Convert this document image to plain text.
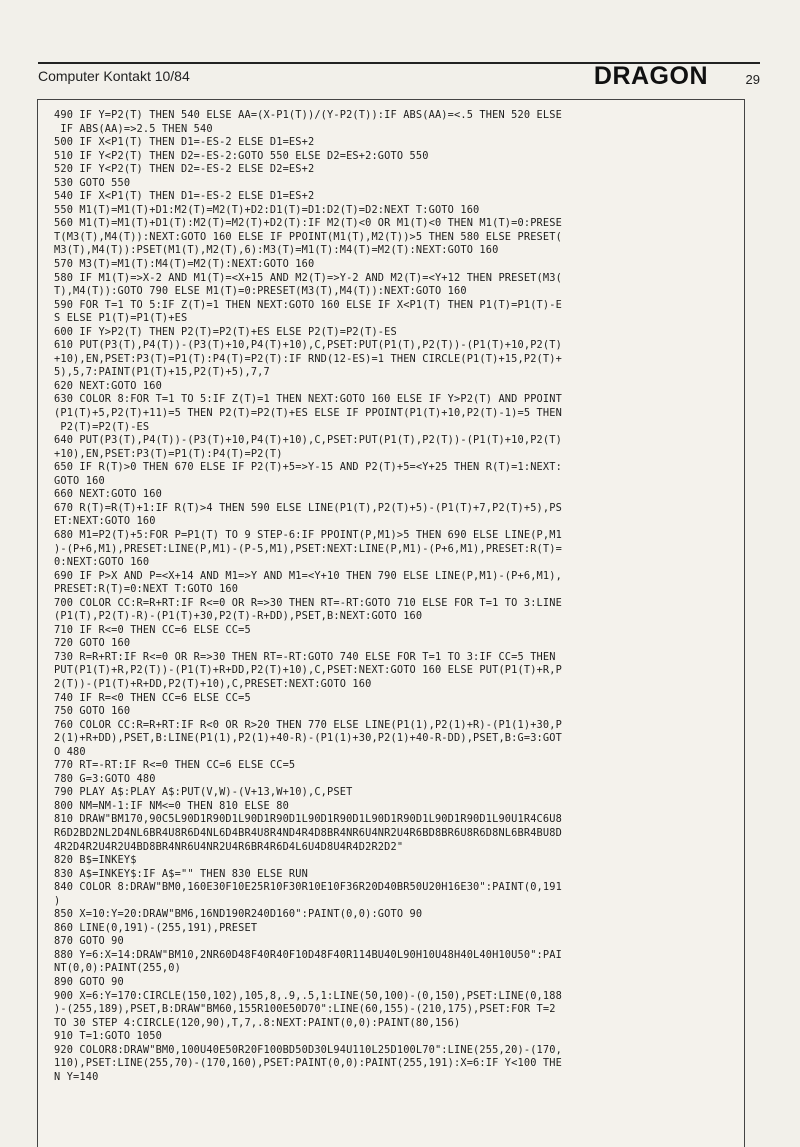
Computer Kontakt 10/84	DRAGON	29
490 IF Y=P2(T) THEN 540 ELSE AA=(X-P1(T))/(Y-P2(T)):IF ABS(AA)=<.5 THEN 520 ELSE
IF ABS(AA)=>2.5 THEN 540
500 IF X<P1(T) THEN D1=-ES-2 ELSE D1=ES+2
510 IF Y<P2(T) THEN D2=-ES-2:GOTO 550 ELSE D2=ES+2:GOTO 550
520 IF Y<P2(T) THEN D2=-ES-2 ELSE D2=ES+2
530 GOTO 550
540 IF X<P1(T) THEN D1=-ES-2 ELSE D1=ES+2
550 M1(T)=M1(T)+D1:M2(T)=M2(T)+D2:D1(T)=D1:D2(T)=D2:NEXT T:GOTO 160
560 M1(T)=M1(T)+D1(T):M2(T)=M2(T)+D2(T):IF M2(T)<0 OR M1(T)<0 THEN M1(T)=0:PRESE
T(M3(T),M4(T)):NEXT:GOTO 160 ELSE IF PPOINT(M1(T),M2(T))>5 THEN 580 ELSE PRESET(
M3(T),M4(T)):PSET(M1(T),M2(T),6):M3(T)=M1(T):M4(T)=M2(T):NEXT:GOTO 160
570 M3(T)=M1(T):M4(T)=M2(T):NEXT:GOTO 160
580 IF M1(T)=>X-2 AND M1(T)=<X+15 AND M2(T)=>Y-2 AND M2(T)=<Y+12 THEN PRESET(M3(
T),M4(T)):GOTO 790 ELSE M1(T)=0:PRESET(M3(T),M4(T)):NEXT:GOTO 160
590 FOR T=1 TO 5:IF Z(T)=1 THEN NEXT:GOTO 160 ELSE IF X<P1(T) THEN P1(T)=P1(T)-E
S ELSE P1(T)=P1(T)+ES
600 IF Y>P2(T) THEN P2(T)=P2(T)+ES ELSE P2(T)=P2(T)-ES
610 PUT(P3(T),P4(T))-(P3(T)+10,P4(T)+10),C,PSET:PUT(P1(T),P2(T))-(P1(T)+10,P2(T)
+10),EN,PSET:P3(T)=P1(T):P4(T)=P2(T):IF RND(12-ES)=1 THEN CIRCLE(P1(T)+15,P2(T)+
5),5,7:PAINT(P1(T)+15,P2(T)+5),7,7
620 NEXT:GOTO 160
630 COLOR 8:FOR T=1 TO 5:IF Z(T)=1 THEN NEXT:GOTO 160 ELSE IF Y>P2(T) AND PPOINT
(P1(T)+5,P2(T)+11)=5 THEN P2(T)=P2(T)+ES ELSE IF PPOINT(P1(T)+10,P2(T)-1)=5 THEN
P2(T)=P2(T)-ES
640 PUT(P3(T),P4(T))-(P3(T)+10,P4(T)+10),C,PSET:PUT(P1(T),P2(T))-(P1(T)+10,P2(T)
+10),EN,PSET:P3(T)=P1(T):P4(T)=P2(T)
650 IF R(T)>0 THEN 670 ELSE IF P2(T)+5=>Y-15 AND P2(T)+5=<Y+25 THEN R(T)=1:NEXT:
GOTO 160
660 NEXT:GOTO 160
670 R(T)=R(T)+1:IF R(T)>4 THEN 590 ELSE LINE(P1(T),P2(T)+5)-(P1(T)+7,P2(T)+5),PS
ET:NEXT:GOTO 160
680 M1=P2(T)+5:FOR P=P1(T) TO 9 STEP-6:IF PPOINT(P,M1)>5 THEN 690 ELSE LINE(P,M1
)-(P+6,M1),PRESET:LINE(P,M1)-(P-5,M1),PSET:NEXT:LINE(P,M1)-(P+6,M1),PRESET:R(T)=
0:NEXT:GOTO 160
690 IF P>X AND P=<X+14 AND M1=>Y AND M1=<Y+10 THEN 790 ELSE LINE(P,M1)-(P+6,M1),
PRESET:R(T)=0:NEXT T:GOTO 160
700 COLOR CC:R=R+RT:IF R<=0 OR R=>30 THEN RT=-RT:GOTO 710 ELSE FOR T=1 TO 3:LINE
(P1(T),P2(T)-R)-(P1(T)+30,P2(T)-R+DD),PSET,B:NEXT:GOTO 160
710 IF R<=0 THEN CC=6 ELSE CC=5
720 GOTO 160
730 R=R+RT:IF R<=0 OR R=>30 THEN RT=-RT:GOTO 740 ELSE FOR T=1 TO 3:IF CC=5 THEN
PUT(P1(T)+R,P2(T))-(P1(T)+R+DD,P2(T)+10),C,PSET:NEXT:GOTO 160 ELSE PUT(P1(T)+R,P
2(T))-(P1(T)+R+DD,P2(T)+10),C,PRESET:NEXT:GOTO 160
740 IF R=<0 THEN CC=6 ELSE CC=5
750 GOTO 160
760 COLOR CC:R=R+RT:IF R<0 OR R>20 THEN 770 ELSE LINE(P1(1),P2(1)+R)-(P1(1)+30,P
2(1)+R+DD),PSET,B:LINE(P1(1),P2(1)+40-R)-(P1(1)+30,P2(1)+40-R-DD),PSET,B:G=3:GOT
O 480
770 RT=-RT:IF R<=0 THEN CC=6 ELSE CC=5
780 G=3:GOTO 480
790 PLAY A$:PLAY A$:PUT(V,W)-(V+13,W+10),C,PSET
800 NM=NM-1:IF NM<=0 THEN 810 ELSE 80
810 DRAW"BM170,90C5L90D1R90D1L90D1R90D1L90D1R90D1L90D1R90D1L90D1R90D1L90U1R4C6U8
R6D2BD2NL2D4NL6BR4U8R6D4NL6D4BR4U8R4ND4R4D8BR4NR6U4NR2U4R6BD8BR6U8R6D8NL6BR4BU8D
4R2D4R2U4R2U4BD8BR4NR6U4NR2U4R6BR4R6D4L6U4D8U4R4D2R2D2"
820 B$=INKEY$
830 A$=INKEY$:IF A$="" THEN 830 ELSE RUN
840 COLOR 8:DRAW"BM0,160E30F10E25R10F30R10E10F36R20D40BR50U20H16E30":PAINT(0,191
)
850 X=10:Y=20:DRAW"BM6,16ND190R240D160":PAINT(0,0):GOTO 90
860 LINE(0,191)-(255,191),PRESET
870 GOTO 90
880 Y=6:X=14:DRAW"BM10,2NR60D48F40R40F10D48F40R114BU40L90H10U48H40L40H10U50":PAI
NT(0,0):PAINT(255,0)
890 GOTO 90
900 X=6:Y=170:CIRCLE(150,102),105,8,.9,.5,1:LINE(50,100)-(0,150),PSET:LINE(0,188
)-(255,189),PSET,B:DRAW"BM60,155R100E50D70":LINE(60,155)-(210,175),PSET:FOR T=2
TO 30 STEP 4:CIRCLE(120,90),T,7,.8:NEXT:PAINT(0,0):PAINT(80,156)
910 T=1:GOTO 1050
920 COLOR8:DRAW"BM0,100U40E50R20F100BD50D30L94U110L25D100L70":LINE(255,20)-(170,
110),PSET:LINE(255,70)-(170,160),PSET:PAINT(0,0):PAINT(255,191):X=6:IF Y<100 THE
N Y=140
